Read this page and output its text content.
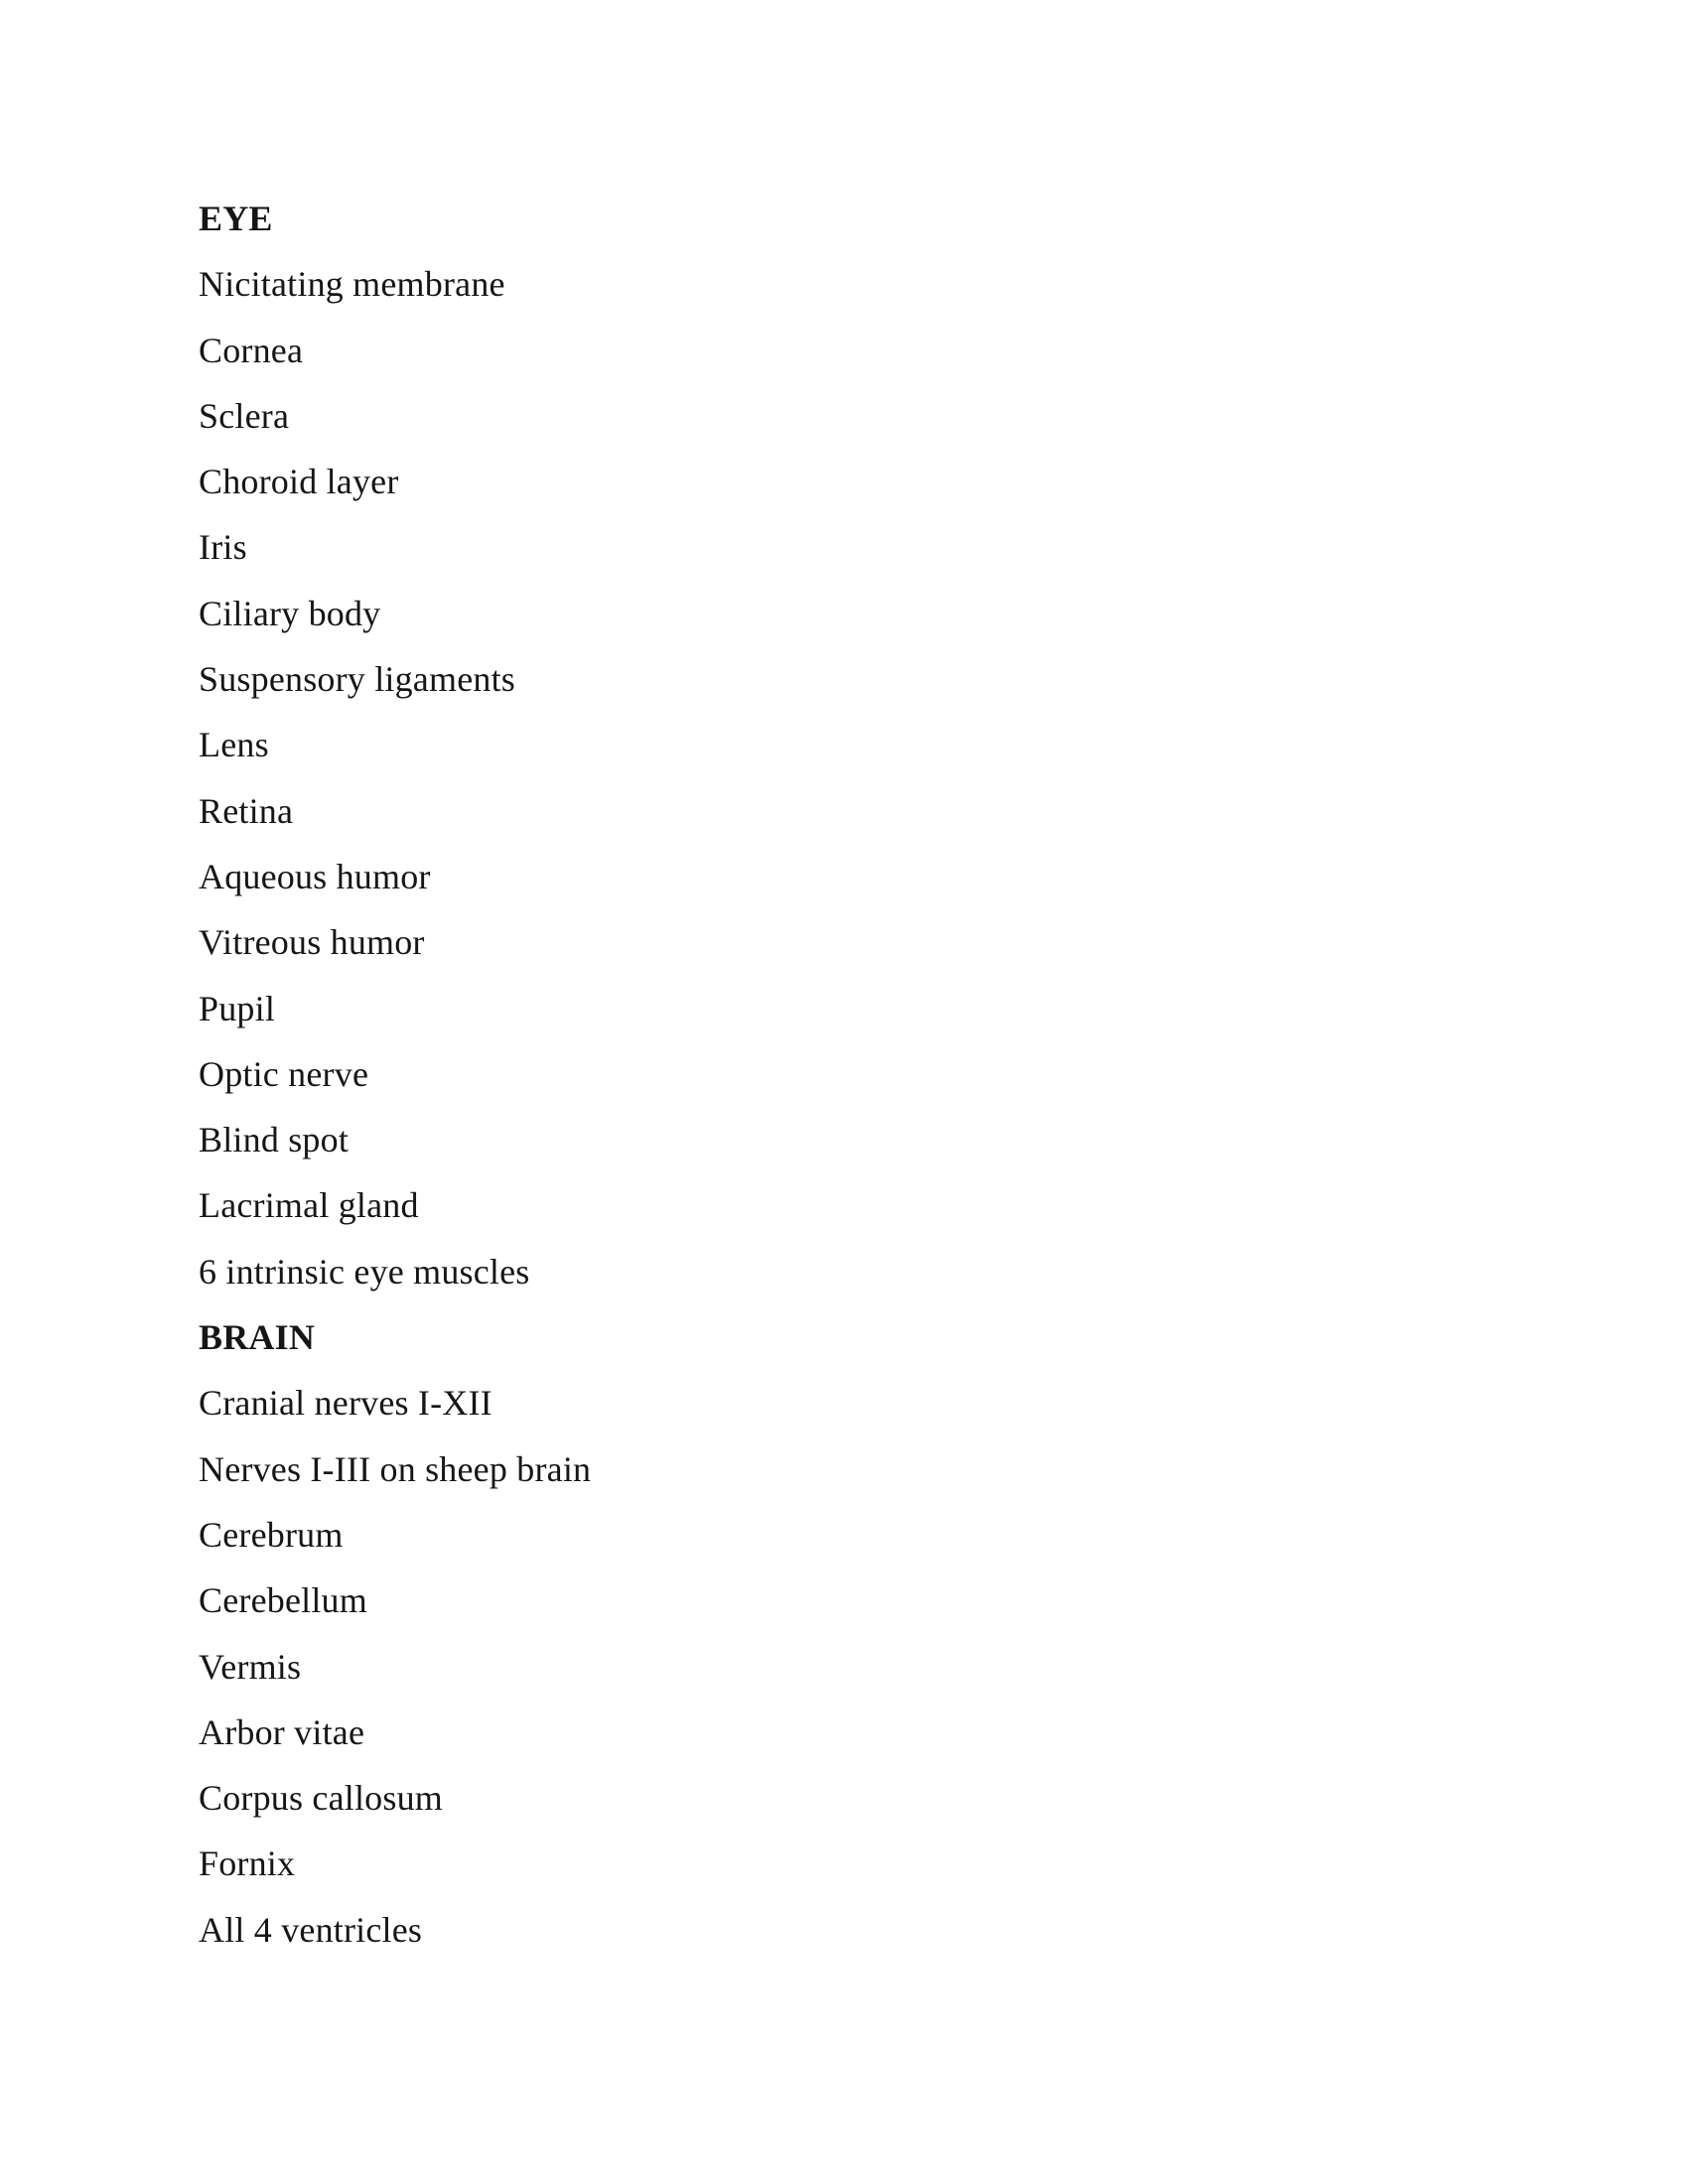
EYE
Nicitating membrane
Cornea
Sclera
Choroid layer
Iris
Ciliary body
Suspensory ligaments
Lens
Retina
Aqueous humor
Vitreous humor
Pupil
Optic nerve
Blind spot
Lacrimal gland
6 intrinsic eye muscles
BRAIN
Cranial nerves I-XII
Nerves I-III on sheep brain
Cerebrum
Cerebellum
Vermis
Arbor vitae
Corpus callosum
Fornix
All 4 ventricles
